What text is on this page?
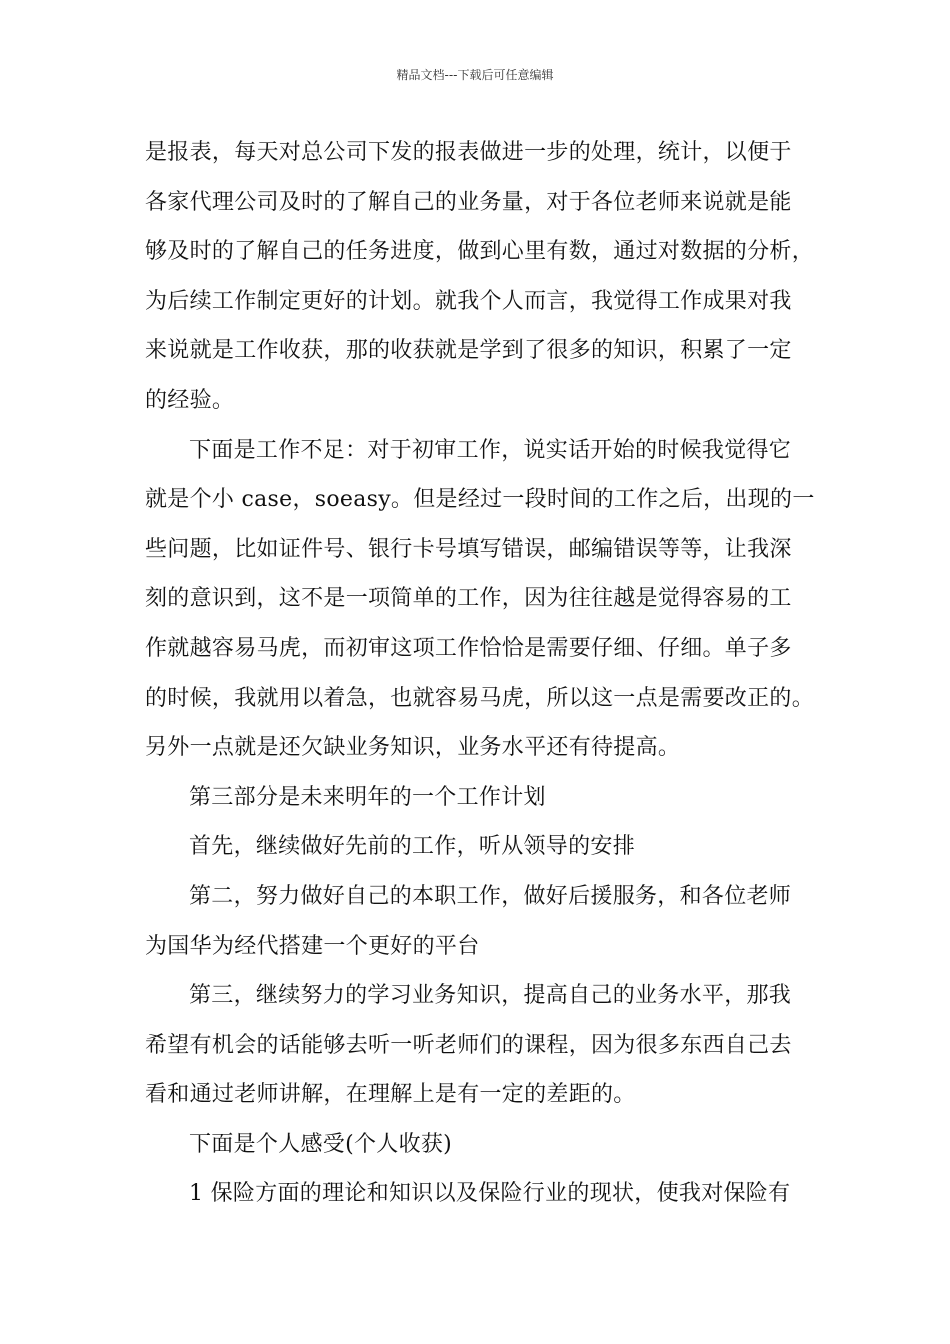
精品文档---下载后可任意编辑
是报表，每天对总公司下发的报表做进一步的处理，统计，以便于
各家代理公司及时的了解自己的业务量，对于各位老师来说就是能
够及时的了解自己的任务进度，做到心里有数，通过对数据的分析，
为后续工作制定更好的计划。就我个人而言，我觉得工作成果对我
来说就是工作收获，那的收获就是学到了很多的知识，积累了一定
的经验。
下面是工作不足：对于初审工作，说实话开始的时候我觉得它
就是个小 case，soeasy。但是经过一段时间的工作之后，出现的一
些问题，比如证件号、银行卡号填写错误，邮编错误等等，让我深
刻的意识到，这不是一项简单的工作，因为往往越是觉得容易的工
作就越容易马虎，而初审这项工作恰恰是需要仔细、仔细。单子多
的时候，我就用以着急，也就容易马虎，所以这一点是需要改正的。
另外一点就是还欠缺业务知识，业务水平还有待提高。
第三部分是未来明年的一个工作计划
首先，继续做好先前的工作，听从领导的安排
第二，努力做好自己的本职工作，做好后援服务，和各位老师
为国华为经代搭建一个更好的平台
第三，继续努力的学习业务知识，提高自己的业务水平，那我
希望有机会的话能够去听一听老师们的课程，因为很多东西自己去
看和通过老师讲解，在理解上是有一定的差距的。
下面是个人感受(个人收获)
1 保险方面的理论和知识以及保险行业的现状，使我对保险有
